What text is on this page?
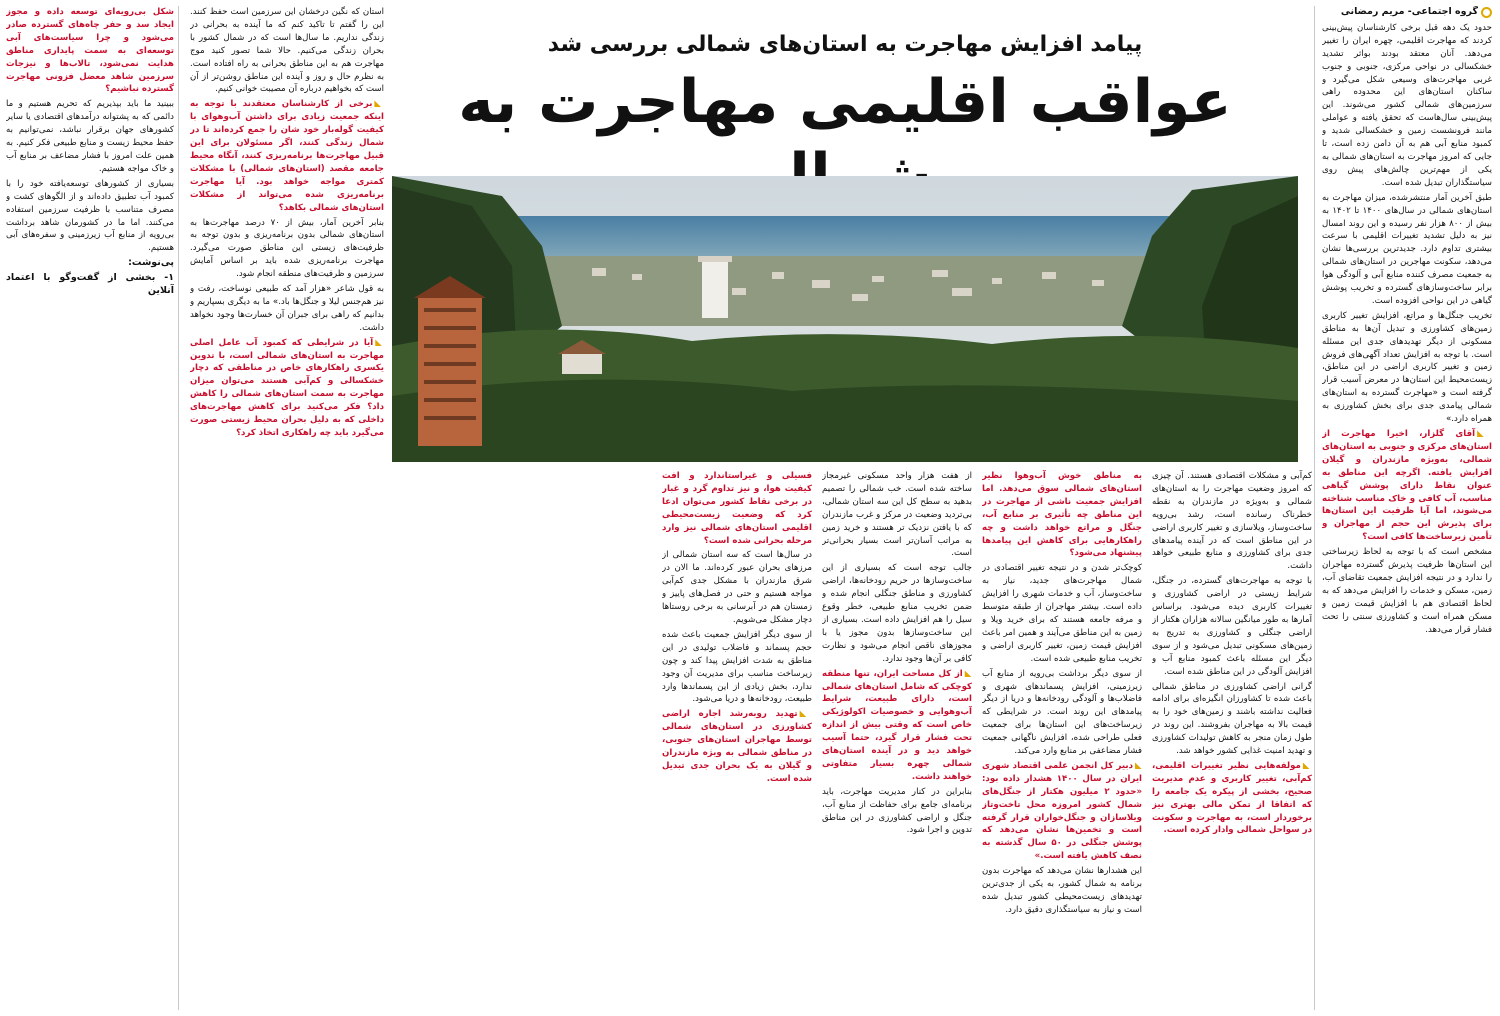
گروه اجتماعی- مریم رمضانی

حدود یک دهه قبل برخی کارشناسان پیش‌بینی کردند که مهاجرت اقلیمی، چهره ایران را تغییر می‌دهد. آنان معتقد بودند بواثر تشدید خشکسالی در نواحی مرکزی، جنوبی و جنوب غربی مهاجرت‌های وسیعی شکل می‌گیرد و ساکنان استان‌های این محدوده راهی سرزمین‌های شمالی کشور می‌شوند. این پیش‌بینی سال‌هاست که تحقق یافته و عواملی مانند فرونشست زمین و خشکسالی شدید و کمبود منابع آبی هم به آن دامن زده است، تا جایی که امروز مهاجرت به استان‌های شمالی به یکی از مهم‌ترین چالش‌های پیش روی سیاستگذاران تبدیل شده است.

طبق آخرین آمار منتشرشده، میزان مهاجرت به استان‌های شمالی در سال‌های ۱۴۰۰ تا ۱۴۰۲ به بیش از ۸۰۰ هزار نفر رسیده و این روند امسال نیز به دلیل تشدید تغییرات اقلیمی با سرعت بیشتری تداوم دارد. جدیدترین بررسی‌ها نشان می‌دهد، سکونت مهاجرین در استان‌های شمالی به جمعیت مصرف کننده منابع آبی و آلودگی هوا برابر ساخت‌وسازهای گسترده و تخریب پوشش گیاهی در این نواحی افزوده است.

تخریب جنگل‌ها و مراتع، افزایش تغییر کاربری زمین‌های کشاورزی و تبدیل آن‌ها به مناطق مسکونی از دیگر تهدیدهای جدی این مسئله است. با توجه به افزایش تعداد آگهی‌های فروش زمین و تغییر کاربری اراضی در این مناطق، زیست‌محیط این استان‌ها در معرض آسیب قرار گرفته است و «مهاجرت گسترده به استان‌های شمالی پیامدی جدی برای بخش کشاورزی به همراه دارد.»

◣آقای گلزار، اخیرا مهاجرت از استان‌های مرکزی و جنوبی به استان‌های شمالی، به‌ویژه مازندران و گیلان افزایش یافته. اگرچه این مناطق به عنوان نقاط دارای پوشش گیاهی مناسب، آب کافی و خاک مناسب شناخته می‌شوند، اما آیا ظرفیت این استان‌ها برای پذیرش این حجم از مهاجران و تأمین زیرساخت‌ها کافی است؟

مشخص است که با توجه به لحاظ زیرساختی این استان‌ها ظرفیت پذیرش گسترده مهاجران را ندارد و در نتیجه افزایش جمعیت تقاضای آب، زمین، مسکن و خدمات را افزایش می‌دهد که به لحاظ اقتصادی هم با افزایش قیمت زمین و مسکن همراه است و کشاورزی سنتی را تحت فشار قرار می‌دهد.

کم‌آبی و مشکلات اقتصادی هستند. آن چیزی که امروز وضعیت مهاجرت را به استان‌های شمالی و به‌ویژه در مازندران به نقطه خطرناک رسانده است، رشد بی‌رویه ساخت‌وساز، ویلاسازی و تغییر کاربری اراضی در این مناطق است که در آینده پیامدهای جدی برای کشاورزی و منابع طبیعی خواهد داشت.

با توجه به مهاجرت‌های گسترده، در جنگل، شرایط زیستی در اراضی کشاورزی و تغییرات کاربری دیده می‌شود. براساس آمارها به طور میانگین سالانه هزاران هکتار از اراضی جنگلی و کشاورزی به تدریج به زمین‌های مسکونی تبدیل می‌شود و از سوی دیگر این مسئله باعث کمبود منابع آب و افزایش آلودگی در این مناطق شده است.

گرانی اراضی کشاورزی در مناطق شمالی باعث شده تا کشاورزان انگیزه‌ای برای ادامه فعالیت نداشته باشند و زمین‌های خود را به قیمت بالا به مهاجران بفروشند. این روند در طول زمان منجر به کاهش تولیدات کشاورزی و تهدید امنیت غذایی کشور خواهد شد.

◣مولفه‌هایی نظیر تغییرات اقلیمی، کم‌آبی، تغییر کاربری و عدم مدیریت صحیح، بخشی از پیکره یک جامعه را که اتفاقا از تمکن مالی بهتری نیز برخوردار است، به مهاجرت و سکونت در سواحل شمالی وادار کرده است.

به مناطق خوش آب‌وهوا نظیر استان‌های شمالی سوق می‌دهد. اما افزایش جمعیت ناشی از مهاجرت در این مناطق چه تأثیری بر منابع آب، جنگل و مراتع خواهد داشت و چه راهکارهایی برای کاهش این پیامدها پیشنهاد می‌شود؟

کوچک‌تر شدن و در نتیجه تغییر اقتصادی در شمال مهاجرت‌های جدید، نیاز به ساخت‌وساز، آب و خدمات شهری را افزایش داده است. بیشتر مهاجران از طبقه متوسط و مرفه جامعه هستند که برای خرید ویلا و زمین به این مناطق می‌آیند و همین امر باعث افزایش قیمت زمین، تغییر کاربری اراضی و تخریب منابع طبیعی شده است.

از سوی دیگر برداشت بی‌رویه از منابع آب زیرزمینی، افزایش پسماندهای شهری و فاضلاب‌ها و آلودگی رودخانه‌ها و دریا از دیگر پیامدهای این روند است. در شرایطی که زیرساخت‌های این استان‌ها برای جمعیت فعلی طراحی شده، افزایش ناگهانی جمعیت فشار مضاعفی بر منابع وارد می‌کند.

◣دبیر کل انجمن علمی اقتصاد شهری ایران در سال ۱۴۰۰ هشدار داده بود: «حدود ۲ میلیون هکتار از جنگل‌های شمال کشور امروزه محل تاخت‌وتاز ویلاسازان و جنگل‌خواران قرار گرفته است و تخمین‌ها نشان می‌دهد که پوشش جنگلی در ۵۰ سال گذشته به نصف کاهش یافته است.»

این هشدارها نشان می‌دهد که مهاجرت بدون برنامه به شمال کشور، به یکی از جدی‌ترین تهدیدهای زیست‌محیطی کشور تبدیل شده است و نیاز به سیاستگذاری دقیق دارد.

از هفت هزار واحد مسکونی غیرمجاز ساخته شده است. خب شمالی را تصمیم بدهید به سطح کل این سه استان شمالی، بی‌تردید وضعیت در مرکز و غرب مازندران که با یافتن نزدیک تر هستند و خرید زمین به مراتب آسان‌تر است بسیار بحرانی‌تر است.

جالب توجه است که بسیاری از این ساخت‌وسازها در حریم رودخانه‌ها، اراضی کشاورزی و مناطق جنگلی انجام شده و ضمن تخریب منابع طبیعی، خطر وقوع سیل را هم افزایش داده است. بسیاری از این ساخت‌وسازها بدون مجوز یا با مجوزهای ناقص انجام می‌شود و نظارت کافی بر آن‌ها وجود ندارد.

◣از کل مساحت ایران، تنها منطقه کوچکی که شامل استان‌های شمالی است، دارای طبیعت، شرایط آب‌وهوایی و خصوصیات اکولوژیکی خاص است که وقتی بیش از اندازه تحت فشار قرار گیرد، حتما آسیب خواهد دید و در آینده استان‌های شمالی چهره بسیار متفاوتی خواهند داشت.

بنابراین در کنار مدیریت مهاجرت، باید برنامه‌ای جامع برای حفاظت از منابع آب، جنگل و اراضی کشاورزی در این مناطق تدوین و اجرا شود.

فسیلی و غیراستاندارد و افت کیفیت هوا، و نیز تداوم گرد و غبار در برخی نقاط کشور می‌توان ادعا کرد که وضعیت زیست‌محیطی اقلیمی استان‌های شمالی نیز وارد مرحله بحرانی شده است؟

در سال‌ها است که سه استان شمالی از مرزهای بحران عبور کرده‌اند. ما الان در شرق مازندران با مشکل جدی کم‌آبی مواجه هستیم و حتی در فصل‌های پاییز و زمستان هم در آبرسانی به برخی روستاها دچار مشکل می‌شویم.

از سوی دیگر افزایش جمعیت باعث شده حجم پسماند و فاضلاب تولیدی در این مناطق به شدت افزایش پیدا کند و چون زیرساخت مناسب برای مدیریت آن وجود ندارد، بخش زیادی از این پسماندها وارد طبیعت، رودخانه‌ها و دریا می‌شود.

◣تهدید روبه‌رشد اجاره اراضی کشاورزی در استان‌های شمالی توسط مهاجران استان‌های جنوبی، در مناطق شمالی به ویژه مازندران و گیلان به یک بحران جدی تبدیل شده است.

استان که نگین درخشان این سرزمین است حفظ کنند. این را گفتم تا تاکید کنم که ما آینده به بحرانی در زندگی نداریم. ما سال‌ها است که در شمال کشور با بحران زندگی می‌کنیم. حالا شما تصور کنید موج مهاجرت هم به این مناطق بحرانی به راه افتاده است. به نظرم حال و روز و آینده این مناطق روشن‌تر از آن است که بخواهیم درباره آن مصیبت خوانی کنیم.

◣برخی از کارشناسان معتقدند با توجه به اینکه جمعیت زیادی برای داشتن آب‌وهوای با کیفیت گوله‌بار خود شان را جمع کرده‌اند تا در شمال زندگی کنند، اگر مسئولان برای این قبیل مهاجرت‌ها برنامه‌ریزی کنند، آنگاه محیط جامعه مقصد (استان‌های شمالی) با مشکلات کمتری مواجه خواهد بود. آیا مهاجرت برنامه‌ریزی شده می‌تواند از مشکلات استان‌های شمالی بکاهد؟

بنابر آخرین آمار، بیش از ۷۰ درصد مهاجرت‌ها به استان‌های شمالی بدون برنامه‌ریزی و بدون توجه به ظرفیت‌های زیستی این مناطق صورت می‌گیرد. مهاجرت برنامه‌ریزی شده باید بر اساس آمایش سرزمین و ظرفیت‌های منطقه انجام شود.

به قول شاعر «هزار آمد که طبیعی نوساخت، رفت و نیز هم‌جنس لیلا و جنگل‌ها باد.» ما به دیگری بسپاریم و بدانیم که راهی برای جبران آن خسارت‌ها وجود نخواهد داشت.

◣آیا در شرایطی که کمبود آب عامل اصلی مهاجرت به استان‌های شمالی است، با تدوین یکسری راهکارهای خاص در مناطقی که دچار خشکسالی و کم‌آبی هستند می‌توان میزان مهاجرت به سمت استان‌های شمالی را کاهش داد؟ فکر می‌کنید برای کاهش مهاجرت‌های داخلی که به دلیل بحران محیط زیستی صورت می‌گیرد باید چه راهکاری اتخاذ کرد؟

شکل بی‌رویه‌ای توسعه داده و مجوز ایجاد سد و حفر چاه‌های گسترده صادر می‌شود و چرا سیاست‌های آبی توسعه‌ای به سمت پایداری مناطق هدایت نمی‌شود، تالاب‌ها و نیزجات سرزمین شاهد معضل فزونی مهاجرت گسترده نباشیم؟

ببینید ما باید بپذیریم که تحریم هستیم و ما دائمی که به پشتوانه درآمدهای اقتصادی یا سایر کشورهای جهان برقرار نباشد، نمی‌توانیم به حفظ محیط زیست و منابع طبیعی فکر کنیم. به همین علت امروز با فشار مضاعف بر منابع آب و خاک مواجه هستیم.

بسیاری از کشورهای توسعه‌یافته خود را با کمبود آب تطبیق داده‌اند و از الگوهای کشت و مصرف متناسب با ظرفیت سرزمین استفاده می‌کنند. اما ما در کشورمان شاهد برداشت بی‌رویه از منابع آب زیرزمینی و سفره‌های آبی هستیم.

پی‌نوشت:

۱- بخشی از گفت‌وگو با اعتماد آنلاین

پیامد افزایش مهاجرت به استان‌های شمالی بررسی شد
عواقب اقلیمی مهاجرت به
